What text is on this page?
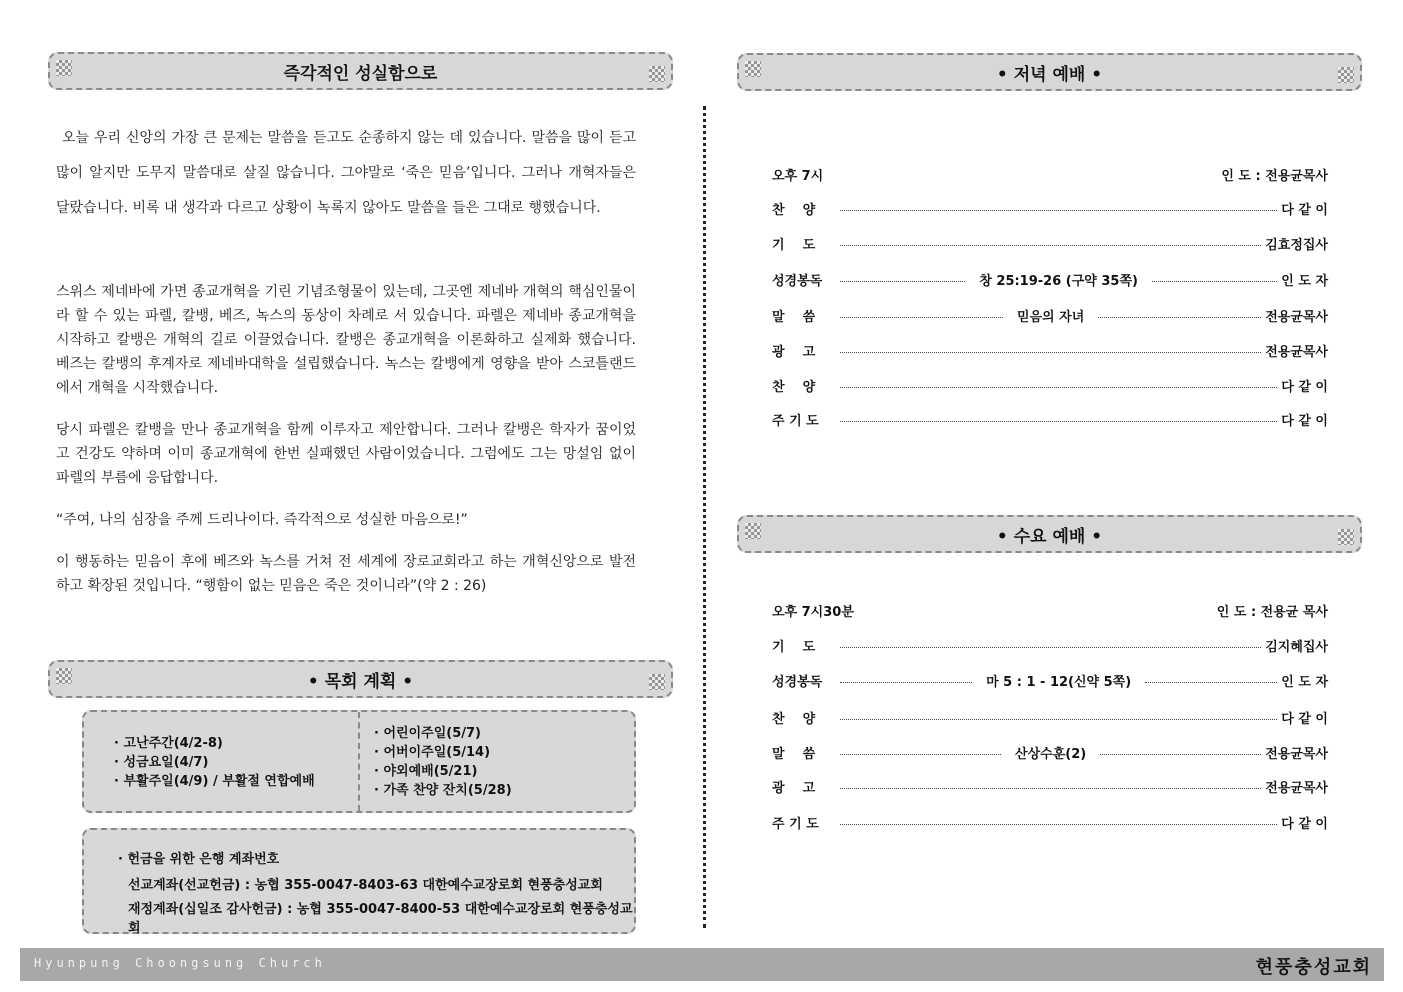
즉각적인 성실함으로
오늘 우리 신앙의 가장 큰 문제는 말씀을 듣고도 순종하지 않는 데 있습니다. 말씀을 많이 듣고 많이 알지만 도무지 말씀대로 살질 않습니다. 그야말로 ‘죽은 믿음’입니다. 그러나 개혁자들은 달랐습니다. 비록 내 생각과 다르고 상황이 녹록지 않아도 말씀을 들은 그대로 행했습니다.
스위스 제네바에 가면 종교개혁을 기린 기념조형물이 있는데, 그곳엔 제네바 개혁의 핵심인물이라 할 수 있는 파렐, 칼뱅, 베즈, 녹스의 동상이 차례로 서 있습니다. 파렐은 제네바 종교개혁을 시작하고 칼뱅은 개혁의 길로 이끌었습니다. 칼뱅은 종교개혁을 이론화하고 실제화 했습니다. 베즈는 칼뱅의 후계자로 제네바대학을 설립했습니다. 녹스는 칼뱅에게 영향을 받아 스코틀랜드에서 개혁을 시작했습니다.
당시 파렐은 칼뱅을 만나 종교개혁을 함께 이루자고 제안합니다. 그러나 칼뱅은 학자가 꿈이었고 건강도 약하며 이미 종교개혁에 한번 실패했던 사람이었습니다. 그럼에도 그는 망설임 없이 파렐의 부름에 응답합니다.
“주여, 나의 심장을 주께 드리나이다. 즉각적으로 성실한 마음으로!”
이 행동하는 믿음이 후에 베즈와 녹스를 거쳐 전 세계에 장로교회라고 하는 개혁신앙으로 발전하고 확장된 것입니다. “행함이 없는 믿음은 죽은 것이니라”(약 2 : 26)
• 목회 계획 •
· 고난주간(4/2-8)
· 성금요일(4/7)
· 부활주일(4/9) / 부활절 연합예배
· 어린이주일(5/7)
· 어버이주일(5/14)
· 야외예배(5/21)
· 가족 찬양 잔치(5/28)
· 헌금을 위한 은행 계좌번호
선교계좌(선교헌금) : 농협 355-0047-8403-63 대한예수교장로회 현풍충성교회
재정계좌(십일조 감사헌금) : 농협 355-0047-8400-53 대한예수교장로회 현풍충성교회
• 저녁 예배 •
오후 7시	인 도 : 전용균목사
찬    양	다 같 이
기    도	김효정집사
성경봉독	창 25:19-26 (구약 35쪽)	인 도 자
말    씀	믿음의 자녀	전용균목사
광    고	전용균목사
찬    양	다 같 이
주 기 도	다 같 이
• 수요 예배 •
오후 7시30분	인 도 : 전용균 목사
기    도	김지혜집사
성경봉독	마 5 : 1 - 12(신약 5쪽)	인 도 자
찬    양	다 같 이
말    씀	산상수훈(2)	전용균목사
광    고	전용균목사
주 기 도	다 같 이
Hyunpung Choongsung Church	현풍충성교회
